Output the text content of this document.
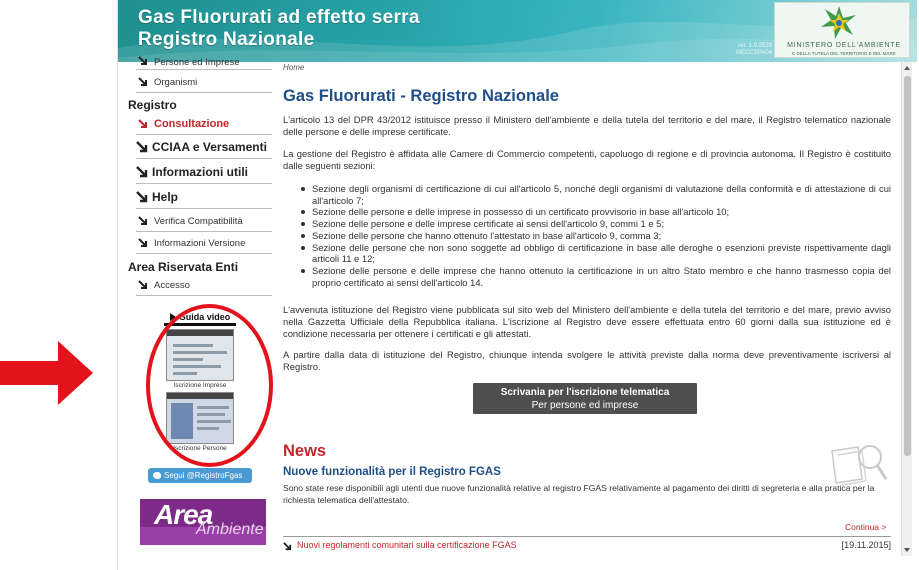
Gas Fluorurati ad effetto serra
Registro Nazionale	ver. 1.0.2529
MECCSPA04
MINISTERO DELL'AMBIENTE
E DELLA TUTELA DEL TERRITORIO E DEL MARE
Persone ed Imprese
Organismi
Registro
Consultazione
CCIAA e Versamenti
Informazioni utili
Help
Verifica Compatibilità
Informazioni Versione
Area Riservata Enti
Accesso
Guida video
Iscrizione Imprese
Iscrizione Persone
Segui @RegistroFgas
Area
Ambiente
Home
Gas Fluorurati - Registro Nazionale
L'articolo 13 del DPR 43/2012 istituisce presso il Ministero dell'ambiente e della tutela del territorio e del mare, il Registro telematico nazionale delle persone e delle imprese certificate.
La gestione del Registro è affidata alle Camere di Commercio competenti, capoluogo di regione e di provincia autonoma. Il Registro è costituito dalle seguenti sezioni:
Sezione degli organismi di certificazione di cui all'articolo 5, nonché degli organismi di valutazione della conformità e di attestazione di cui all'articolo 7;
Sezione delle persone e delle imprese in possesso di un certificato provvisorio in base all'articolo 10;
Sezione delle persone e delle imprese certificate ai sensi dell'articolo 9, commi 1 e 5;
Sezione delle persone che hanno ottenuto l'attestato in base all'articolo 9, comma 3;
Sezione delle persone che non sono soggette ad obbligo di certificazione in base alle deroghe o esenzioni previste rispettivamente dagli articoli 11 e 12;
Sezione delle persone e delle imprese che hanno ottenuto la certificazione in un altro Stato membro e che hanno trasmesso copia del proprio certificato ai sensi dell'articolo 14.
L'avvenuta istituzione del Registro viene pubblicata sul sito web del Ministero dell'ambiente e della tutela del territorio e del mare, previo avviso nella Gazzetta Ufficiale della Repubblica italiana. L'iscrizione al Registro deve essere effettuata entro 60 giorni dalla sua istituzione ed è condizione necessaria per ottenere i certificati e gli attestati.
A partire dalla data di istituzione del Registro, chiunque intenda svolgere le attività previste dalla norma deve preventivamente iscriversi al Registro.
Scrivania per l'iscrizione telematica
Per persone ed imprese
News
Nuove funzionalità per il Registro FGAS
Sono state rese disponibili agli utenti due nuove funzionalità relative al registro FGAS relativamente al pagamento dei diritti di segreteria e alla pratica per la richiesta telematica dell'attestato.
Continua >
Nuovi regolamenti comunitari sulla certificazione FGAS	[19.11.2015]
